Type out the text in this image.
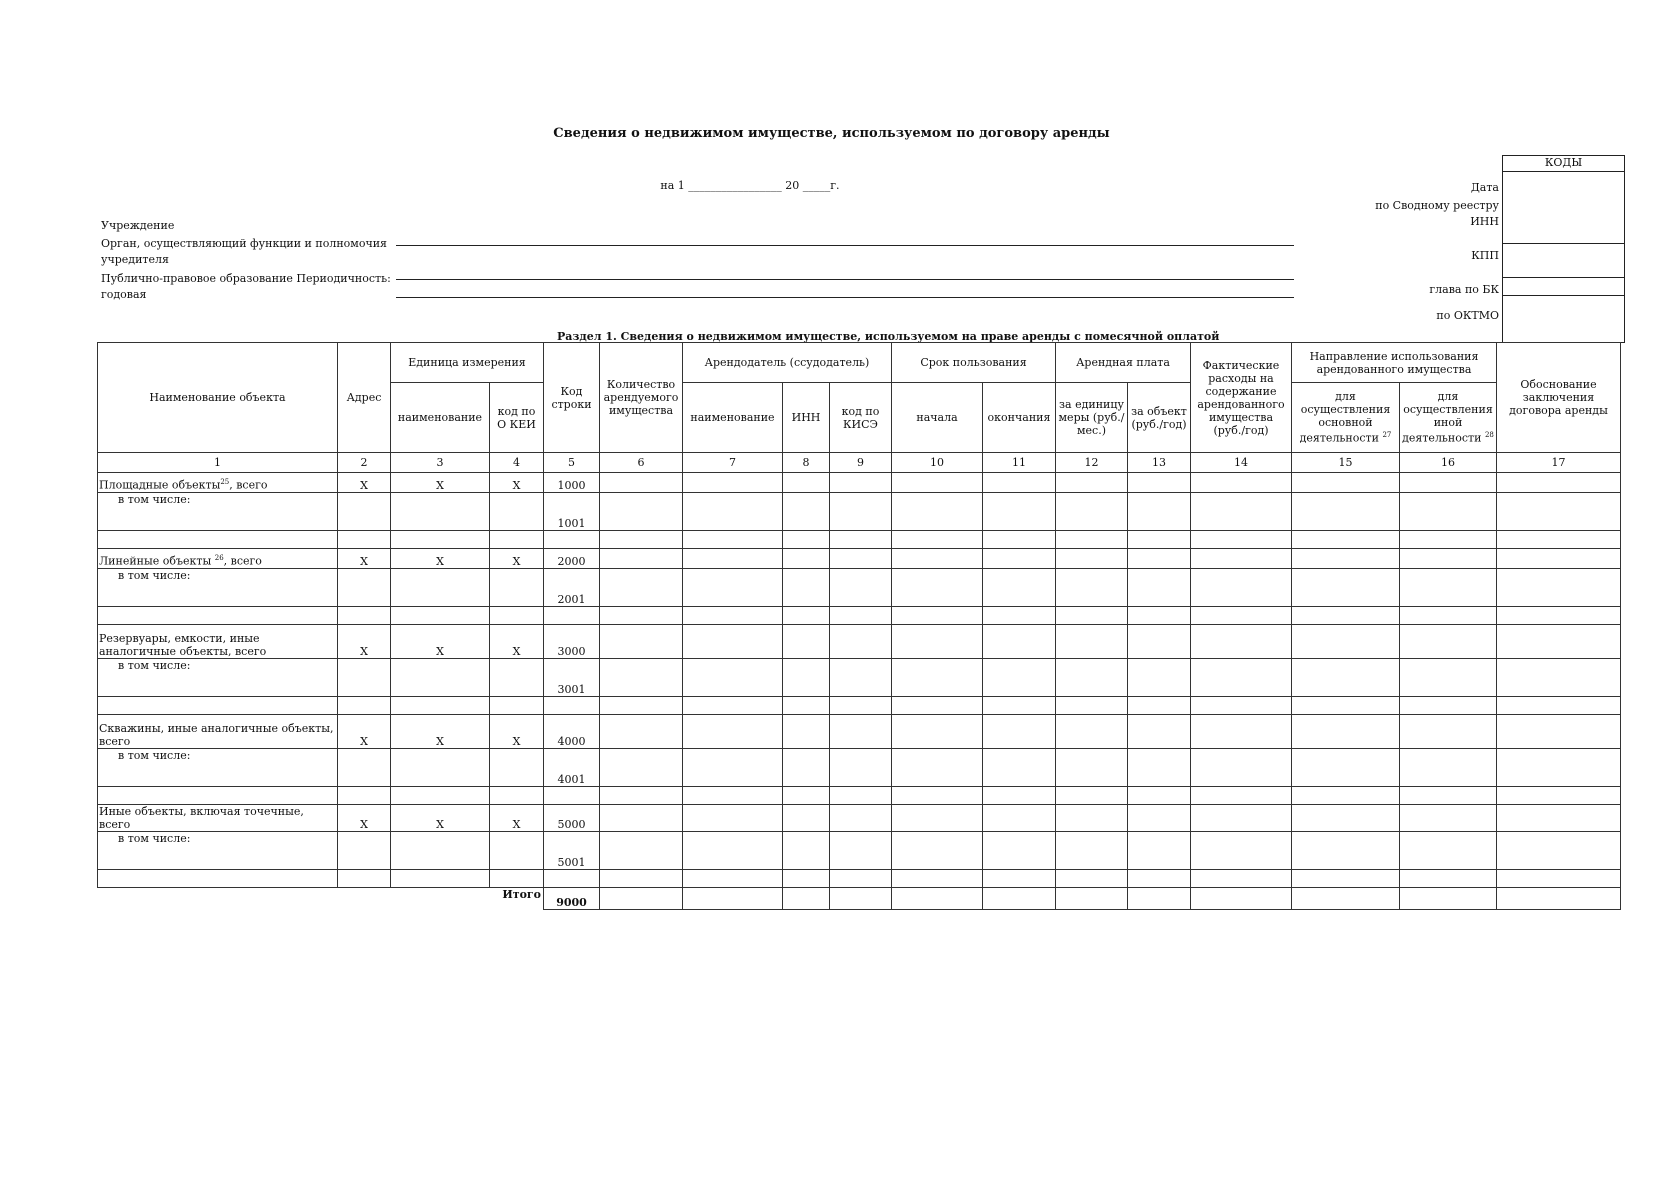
Сведения о недвижимом имуществе, используемом по договору аренды
на 1 _________________ 20 _____г.
Учреждение
Орган, осуществляющий функции и полномочия
учредителя
Публично-правовое образование Периодичность:
годовая
КОДЫ
Дата
по Сводному реестру
ИНН
КПП
глава по БК
по ОКТМО
Раздел 1. Сведения о недвижимом имуществе, используемом на праве аренды с помесячной оплатой
Наименование объекта	Адрес	Единица измерения		Код строки	Количество арендуемого имущества	Арендодатель (ссудодатель)			Срок пользования		Арендная плата		Фактические расходы на содержание арендованного имущества (руб./год)	Направление использования арендованного имущества		Обоснование заключения договора аренды
		наименование	код по О КЕИ			наименование	ИНН	код по КИСЭ	начала	окончания	за единицу меры (руб./мес.)	за объект (руб./год)		для осуществления основной деятельности $^{27}$	для осуществления иной деятельности $^{28}$
1	2	3	4	5	6	7	8	9	10	11	12	13	14	15	16	17
Площадные объекты$^{25}$, всего	X	X	X	1000												
в том числе:				1001												

Линейные объекты $^{26}$, всего	X	X	X	2000												
в том числе:				2001												

Резервуары, емкости, иные аналогичные объекты, всего	X	X	X	3000												
в том числе:				3001												

Скважины, иные аналогичные объекты, всего	X	X	X	4000												
в том числе:				4001												

Иные объекты, включая точечные, всего	X	X	X	5000												
в том числе:				5001												

Итого				9000												
